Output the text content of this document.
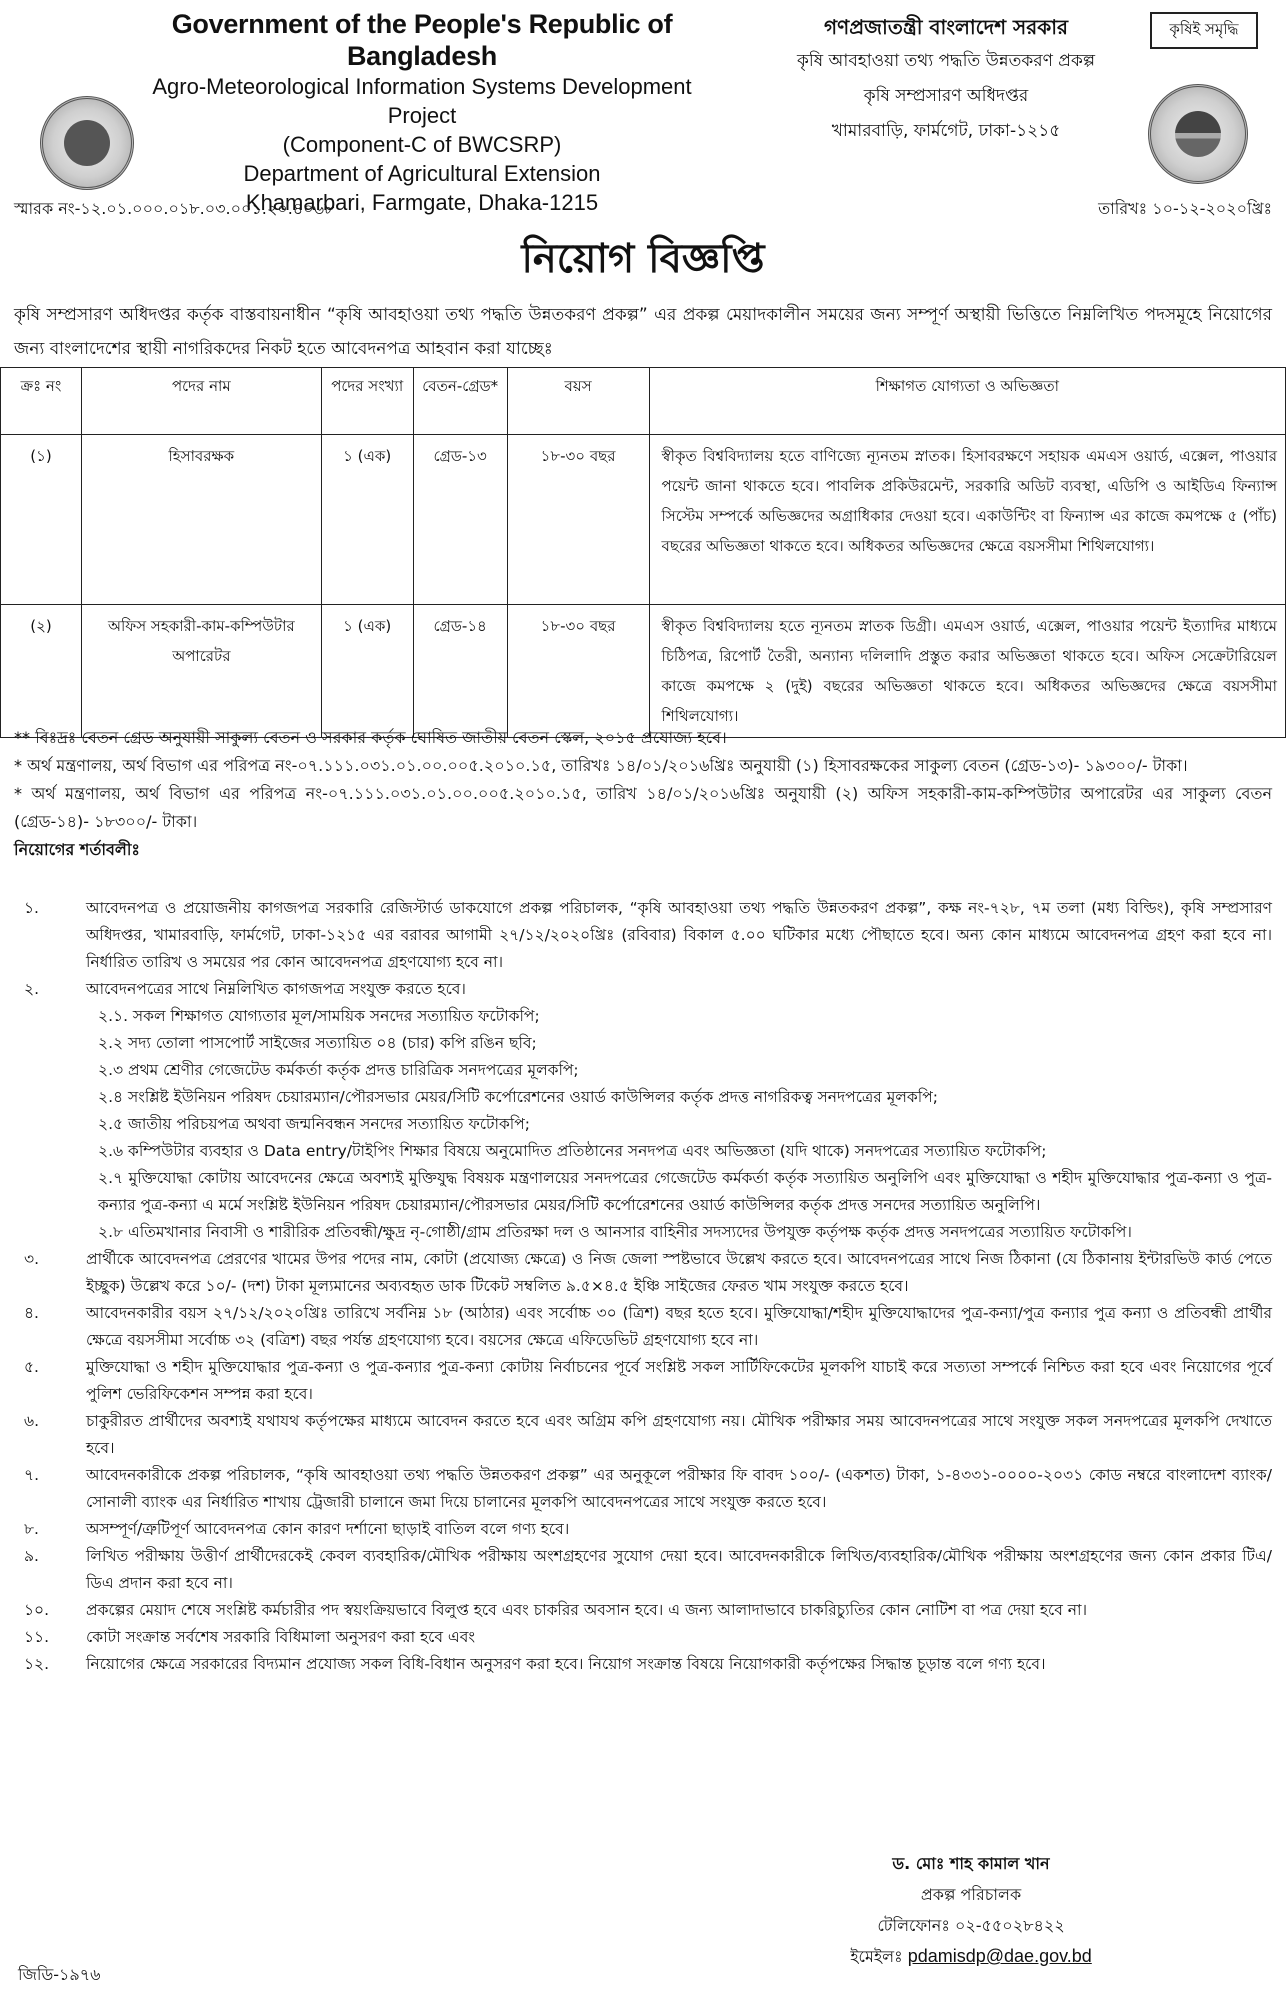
Government of the People's Republic of Bangladesh
Agro-Meteorological Information Systems Development Project
(Component-C of BWCSRP)
Department of Agricultural Extension
Khamarbari, Farmgate, Dhaka-1215
গণপ্রজাতন্ত্রী বাংলাদেশ সরকার
কৃষি আবহাওয়া তথ্য পদ্ধতি উন্নতকরণ প্রকল্প
কৃষি সম্প্রসারণ অধিদপ্তর
খামারবাড়ি, ফার্মগেট, ঢাকা-১২১৫
কৃষিই সমৃদ্ধি
স্মারক নং-১২.০১.০০০.০১৮.০৩.০০১.২০.৪০৬৮	তারিখঃ ১০-১২-২০২০খ্রিঃ
নিয়োগ বিজ্ঞপ্তি
কৃষি সম্প্রসারণ অধিদপ্তর কর্তৃক বাস্তবায়নাধীন “কৃষি আবহাওয়া তথ্য পদ্ধতি উন্নতকরণ প্রকল্প” এর প্রকল্প মেয়াদকালীন সময়ের জন্য সম্পূর্ণ অস্থায়ী ভিত্তিতে নিম্নলিখিত পদসমূহে নিয়োগের জন্য বাংলাদেশের স্থায়ী নাগরিকদের নিকট হতে আবেদনপত্র আহবান করা যাচ্ছেঃ
ক্রঃ নং	পদের নাম	পদের সংখ্যা	বেতন-গ্রেড*	বয়স	শিক্ষাগত যোগ্যতা ও অভিজ্ঞতা
(১)	হিসাবরক্ষক	১ (এক)	গ্রেড-১৩	১৮-৩০ বছর	স্বীকৃত বিশ্ববিদ্যালয় হতে বাণিজ্যে ন্যূনতম স্নাতক। হিসাবরক্ষণে সহায়ক এমএস ওয়ার্ড, এক্সেল, পাওয়ার পয়েন্ট জানা থাকতে হবে। পাবলিক প্রকিউরমেন্ট, সরকারি অডিট ব্যবস্থা, এডিপি ও আইডিএ ফিন্যান্স সিস্টেম সম্পর্কে অভিজ্ঞদের অগ্রাধিকার দেওয়া হবে। একাউন্টিং বা ফিন্যান্স এর কাজে কমপক্ষে ৫ (পাঁচ) বছরের অভিজ্ঞতা থাকতে হবে। অধিকতর অভিজ্ঞদের ক্ষেত্রে বয়সসীমা শিথিলযোগ্য।
(২)	অফিস সহকারী-কাম-কম্পিউটার অপারেটর	১ (এক)	গ্রেড-১৪	১৮-৩০ বছর	স্বীকৃত বিশ্ববিদ্যালয় হতে ন্যূনতম স্নাতক ডিগ্রী। এমএস ওয়ার্ড, এক্সেল, পাওয়ার পয়েন্ট ইত্যাদির মাধ্যমে চিঠিপত্র, রিপোর্ট তৈরী, অন্যান্য দলিলাদি প্রস্তুত করার অভিজ্ঞতা থাকতে হবে। অফিস সেক্রেটারিয়েল কাজে কমপক্ষে ২ (দুই) বছরের অভিজ্ঞতা থাকতে হবে। অধিকতর অভিজ্ঞদের ক্ষেত্রে বয়সসীমা শিথিলযোগ্য।

** বিঃদ্রঃ বেতন গ্রেড অনুযায়ী সাকুল্য বেতন ও সরকার কর্তৃক ঘোষিত জাতীয় বেতন স্কেল, ২০১৫ প্রযোজ্য হবে।

* অর্থ মন্ত্রণালয়, অর্থ বিভাগ এর পরিপত্র নং-০৭.১১১.০৩১.০১.০০.০০৫.২০১০.১৫, তারিখঃ ১৪/০১/২০১৬খ্রিঃ অনুযায়ী (১) হিসাবরক্ষকের সাকুল্য বেতন (গ্রেড-১৩)- ১৯৩০০/- টাকা।

* অর্থ মন্ত্রণালয়, অর্থ বিভাগ এর পরিপত্র নং-০৭.১১১.০৩১.০১.০০.০০৫.২০১০.১৫, তারিখ ১৪/০১/২০১৬খ্রিঃ অনুযায়ী (২) অফিস সহকারী-কাম-কম্পিউটার অপারেটর এর সাকুল্য বেতন (গ্রেড-১৪)- ১৮৩০০/- টাকা।

নিয়োগের শর্তাবলীঃ

১.	আবেদনপত্র ও প্রয়োজনীয় কাগজপত্র সরকারি রেজিস্টার্ড ডাকযোগে প্রকল্প পরিচালক, “কৃষি আবহাওয়া তথ্য পদ্ধতি উন্নতকরণ প্রকল্প”, কক্ষ নং-৭২৮, ৭ম তলা (মধ্য বিল্ডিং), কৃষি সম্প্রসারণ অধিদপ্তর, খামারবাড়ি, ফার্মগেট, ঢাকা-১২১৫ এর বরাবর আগামী ২৭/১২/২০২০খ্রিঃ (রবিবার) বিকাল ৫.০০ ঘটিকার মধ্যে পৌছাতে হবে। অন্য কোন মাধ্যমে আবেদনপত্র গ্রহণ করা হবে না। নির্ধারিত তারিখ ও সময়ের পর কোন আবেদনপত্র গ্রহণযোগ্য হবে না।
২.	আবেদনপত্রের সাথে নিম্নলিখিত কাগজপত্র সংযুক্ত করতে হবে।
২.১. সকল শিক্ষাগত যোগ্যতার মূল/সাময়িক সনদের সত্যায়িত ফটোকপি;
২.২ সদ্য তোলা পাসপোর্ট সাইজের সত্যায়িত ০৪ (চার) কপি রঙিন ছবি;
২.৩ প্রথম শ্রেণীর গেজেটেড কর্মকর্তা কর্তৃক প্রদত্ত চারিত্রিক সনদপত্রের মূলকপি;
২.৪ সংশ্লিষ্ট ইউনিয়ন পরিষদ চেয়ারম্যান/পৌরসভার মেয়র/সিটি কর্পোরেশনের ওয়ার্ড কাউন্সিলর কর্তৃক প্রদত্ত নাগরিকত্ব সনদপত্রের মূলকপি;
২.৫ জাতীয় পরিচয়পত্র অথবা জন্মনিবন্ধন সনদের সত্যায়িত ফটোকপি;
২.৬ কম্পিউটার ব্যবহার ও Data entry/টাইপিং শিক্ষার বিষয়ে অনুমোদিত প্রতিষ্ঠানের সনদপত্র এবং অভিজ্ঞতা (যদি থাকে) সনদপত্রের সত্যায়িত ফটোকপি;
২.৭ মুক্তিযোদ্ধা কোটায় আবেদনের ক্ষেত্রে অবশ্যই মুক্তিযুদ্ধ বিষয়ক মন্ত্রণালয়ের সনদপত্রের গেজেটেড কর্মকর্তা কর্তৃক সত্যায়িত অনুলিপি এবং মুক্তিযোদ্ধা ও শহীদ মুক্তিযোদ্ধার পুত্র-কন্যা ও পুত্র-কন্যার পুত্র-কন্যা এ মর্মে সংশ্লিষ্ট ইউনিয়ন পরিষদ চেয়ারম্যান/পৌরসভার মেয়র/সিটি কর্পোরেশনের ওয়ার্ড কাউন্সিলর কর্তৃক প্রদত্ত সনদের সত্যায়িত অনুলিপি।
২.৮ এতিমখানার নিবাসী ও শারীরিক প্রতিবন্ধী/ক্ষুদ্র নৃ-গোষ্ঠী/গ্রাম প্রতিরক্ষা দল ও আনসার বাহিনীর সদস্যদের উপযুক্ত কর্তৃপক্ষ কর্তৃক প্রদত্ত সনদপত্রের সত্যায়িত ফটোকপি।
৩.	প্রার্থীকে আবেদনপত্র প্রেরণের খামের উপর পদের নাম, কোটা (প্রযোজ্য ক্ষেত্রে) ও নিজ জেলা স্পষ্টভাবে উল্লেখ করতে হবে। আবেদনপত্রের সাথে নিজ ঠিকানা (যে ঠিকানায় ইন্টারভিউ কার্ড পেতে ইচ্ছুক) উল্লেখ করে ১০/- (দশ) টাকা মূল্যমানের অব্যবহৃত ডাক টিকেট সম্বলিত ৯.৫×৪.৫ ইঞ্চি সাইজের ফেরত খাম সংযুক্ত করতে হবে।
৪.	আবেদনকারীর বয়স ২৭/১২/২০২০খ্রিঃ তারিখে সর্বনিম্ন ১৮ (আঠার) এবং সর্বোচ্চ ৩০ (ত্রিশ) বছর হতে হবে। মুক্তিযোদ্ধা/শহীদ মুক্তিযোদ্ধাদের পুত্র-কন্যা/পুত্র কন্যার পুত্র কন্যা ও প্রতিবন্ধী প্রার্থীর ক্ষেত্রে বয়সসীমা সর্বোচ্চ ৩২ (বত্রিশ) বছর পর্যন্ত গ্রহণযোগ্য হবে। বয়সের ক্ষেত্রে এফিডেভিট গ্রহণযোগ্য হবে না।
৫.	মুক্তিযোদ্ধা ও শহীদ মুক্তিযোদ্ধার পুত্র-কন্যা ও পুত্র-কন্যার পুত্র-কন্যা কোটায় নির্বাচনের পূর্বে সংশ্লিষ্ট সকল সার্টিফিকেটের মূলকপি যাচাই করে সত্যতা সম্পর্কে নিশ্চিত করা হবে এবং নিয়োগের পূর্বে পুলিশ ভেরিফিকেশন সম্পন্ন করা হবে।
৬.	চাকুরীরত প্রার্থীদের অবশ্যই যথাযথ কর্তৃপক্ষের মাধ্যমে আবেদন করতে হবে এবং অগ্রিম কপি গ্রহণযোগ্য নয়। মৌখিক পরীক্ষার সময় আবেদনপত্রের সাথে সংযুক্ত সকল সনদপত্রের মূলকপি দেখাতে হবে।
৭.	আবেদনকারীকে প্রকল্প পরিচালক, “কৃষি আবহাওয়া তথ্য পদ্ধতি উন্নতকরণ প্রকল্প” এর অনুকূলে পরীক্ষার ফি বাবদ ১০০/- (একশত) টাকা, ১-৪৩৩১-০০০০-২০৩১ কোড নম্বরে বাংলাদেশ ব্যাংক/সোনালী ব্যাংক এর নির্ধারিত শাখায় ট্রেজারী চালানে জমা দিয়ে চালানের মূলকপি আবেদনপত্রের সাথে সংযুক্ত করতে হবে।
৮.	অসম্পূর্ণ/ত্রুটিপূর্ণ আবেদনপত্র কোন কারণ দর্শানো ছাড়াই বাতিল বলে গণ্য হবে।
৯.	লিখিত পরীক্ষায় উত্তীর্ণ প্রার্থীদেরকেই কেবল ব্যবহারিক/মৌখিক পরীক্ষায় অংশগ্রহণের সুযোগ দেয়া হবে। আবেদনকারীকে লিখিত/ব্যবহারিক/মৌখিক পরীক্ষায় অংশগ্রহণের জন্য কোন প্রকার টিএ/ডিএ প্রদান করা হবে না।
১০. প্রকল্পের মেয়াদ শেষে সংশ্লিষ্ট কর্মচারীর পদ স্বয়ংক্রিয়ভাবে বিলুপ্ত হবে এবং চাকরির অবসান হবে। এ জন্য আলাদাভাবে চাকরিচ্যুতির কোন নোটিশ বা পত্র দেয়া হবে না।
১১. কোটা সংক্রান্ত সর্বশেষ সরকারি বিধিমালা অনুসরণ করা হবে এবং
১২. নিয়োগের ক্ষেত্রে সরকারের বিদ্যমান প্রযোজ্য সকল বিধি-বিধান অনুসরণ করা হবে। নিয়োগ সংক্রান্ত বিষয়ে নিয়োগকারী কর্তৃপক্ষের সিদ্ধান্ত চূড়ান্ত বলে গণ্য হবে।
ড. মোঃ শাহ কামাল খান
প্রকল্প পরিচালক
টেলিফোনঃ ০২-৫৫০২৮৪২২
ইমেইলঃ pdamisdp@dae.gov.bd
জিডি-১৯৭৬
